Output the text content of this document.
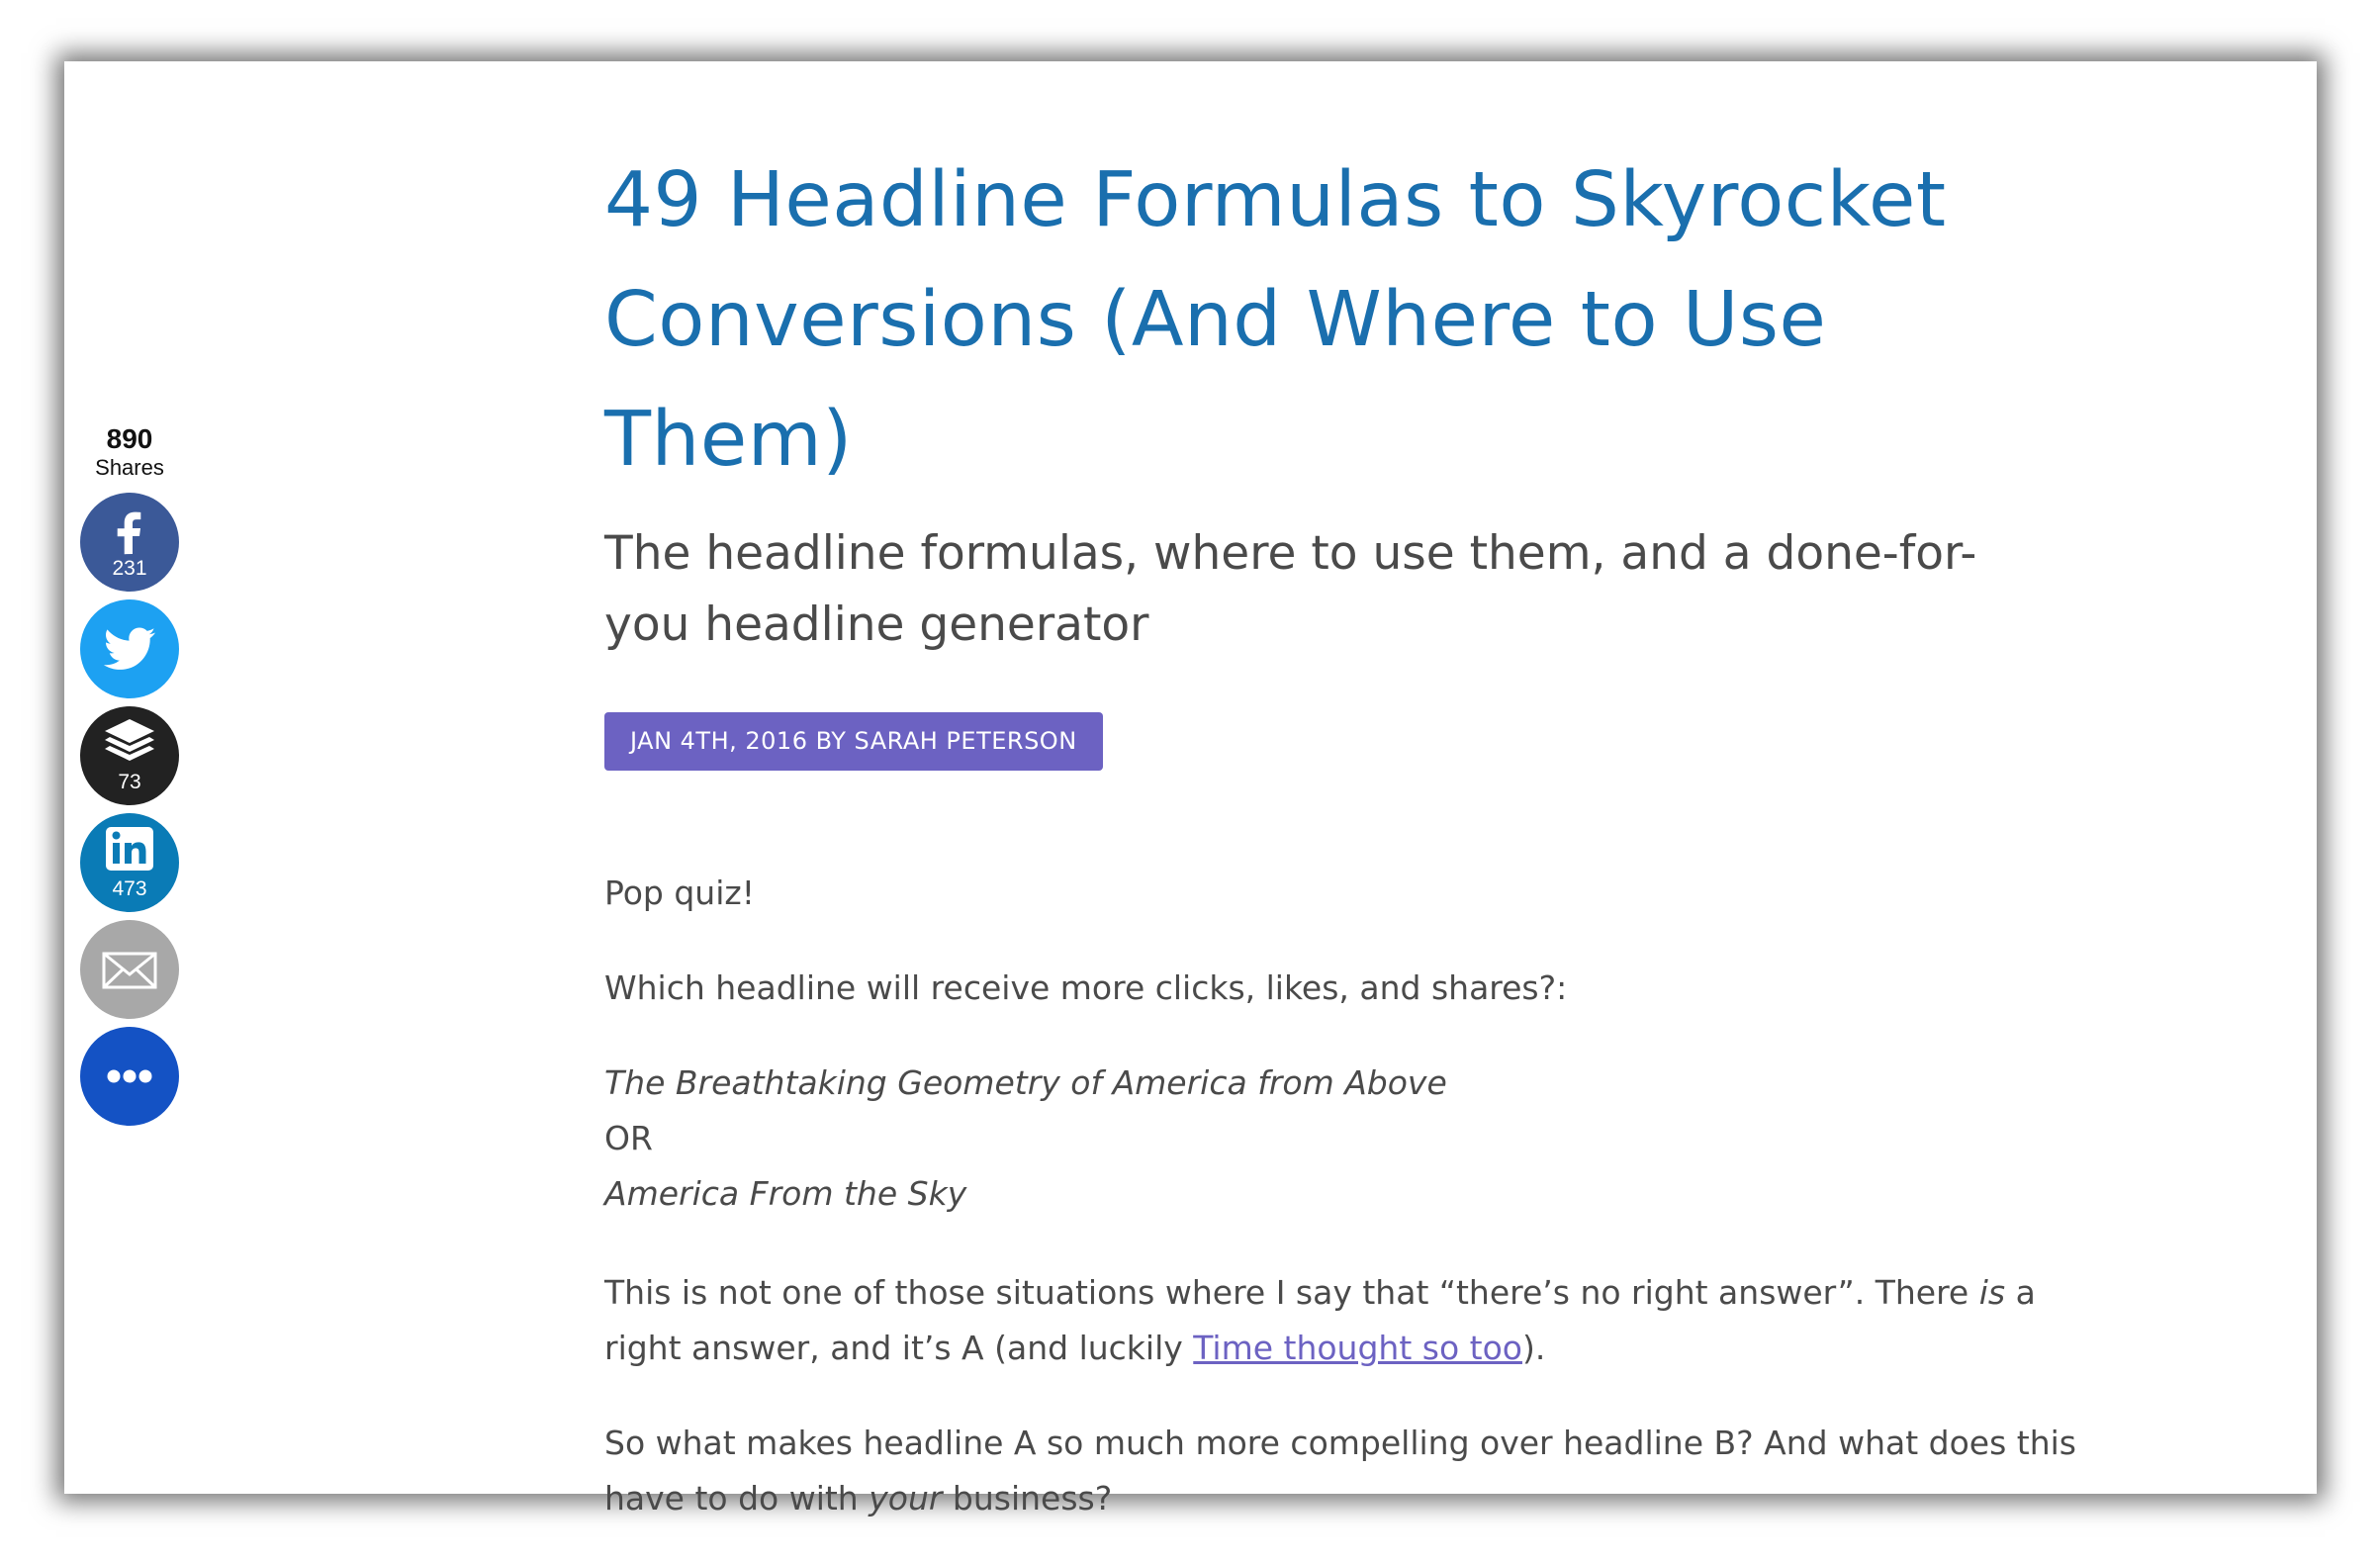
890
Shares
231
73
473
49 Headline Formulas to Skyrocket Conversions (And Where to Use Them)
The headline formulas, where to use them, and a done-for-you headline generator
JAN 4TH, 2016 BY SARAH PETERSON

Pop quiz!

Which headline will receive more clicks, likes, and shares?:

The Breathtaking Geometry of America from Above
OR
America From the Sky

This is not one of those situations where I say that “there’s no right answer”. There is a right answer, and it’s A (and luckily Time thought so too).

So what makes headline A so much more compelling over headline B? And what does this have to do with your business?
